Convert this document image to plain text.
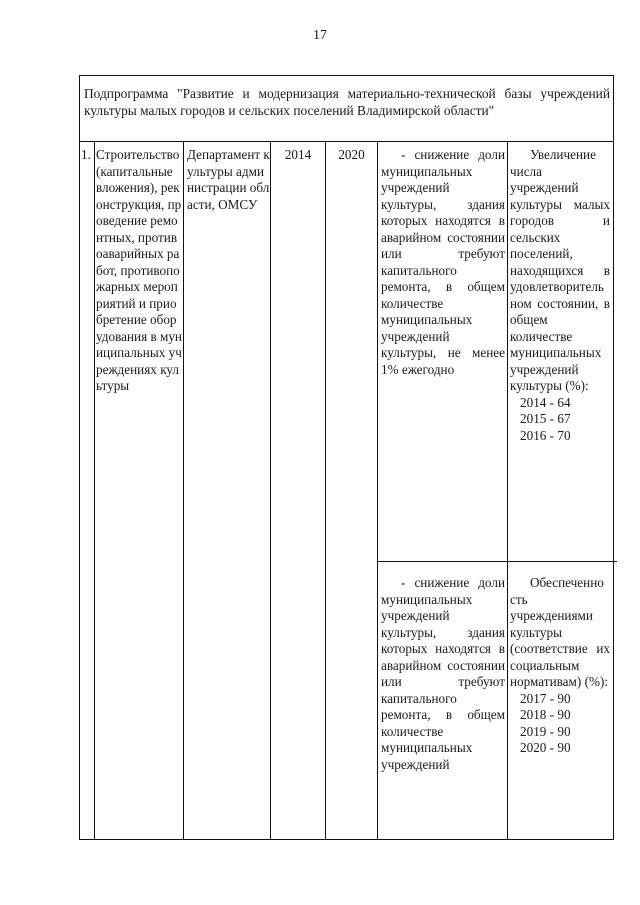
17
Подпрограмма "Развитие и модернизация материально-технической базы учреждений культуры малых городов и сельских поселений Владимирской области"
1. Строительство (капитальные вложения), реконструкция, проведение ремонтных, противоаварийных работ, противопожарных мероприятий и приобретение оборудования в муниципальных учреждениях культуры
Департамент культуры администрации области, ОМСУ
2014	2020	- снижение доли муниципальных учреждений культуры, здания которых находятся в аварийном состоянии или требуют капитального ремонта, в общем количестве муниципальных учреждений культуры, не менее 1% ежегодно
Увеличение числа учреждений культуры малых городов и сельских поселений, находящихся в удовлетворительном состоянии, в общем количестве муниципальных учреждений культуры (%):
2014 - 64
2015 - 67
2016 - 70
- снижение доли муниципальных учреждений культуры, здания которых находятся в аварийном состоянии или требуют капитального ремонта, в общем количестве муниципальных учреждений
Обеспеченность учреждениями культуры (соответствие их социальным нормативам) (%):
2017 - 90
2018 - 90
2019 - 90
2020 - 90
